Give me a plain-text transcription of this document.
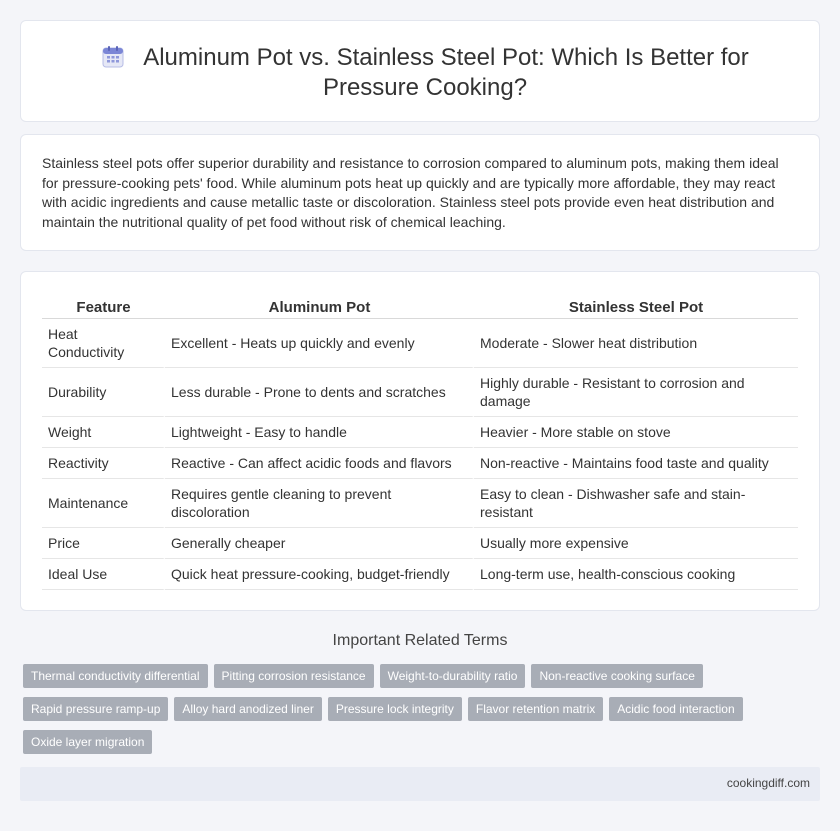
Aluminum Pot vs. Stainless Steel Pot: Which Is Better for Pressure Cooking?

Stainless steel pots offer superior durability and resistance to corrosion compared to aluminum pots, making them ideal for pressure-cooking pets' food. While aluminum pots heat up quickly and are typically more affordable, they may react with acidic ingredients and cause metallic taste or discoloration. Stainless steel pots provide even heat distribution and maintain the nutritional quality of pet food without risk of chemical leaching.

Feature	Aluminum Pot	Stainless Steel Pot
Heat Conductivity	Excellent - Heats up quickly and evenly	Moderate - Slower heat distribution
Durability	Less durable - Prone to dents and scratches	Highly durable - Resistant to corrosion and damage
Weight	Lightweight - Easy to handle	Heavier - More stable on stove
Reactivity	Reactive - Can affect acidic foods and flavors	Non-reactive - Maintains food taste and quality
Maintenance	Requires gentle cleaning to prevent discoloration	Easy to clean - Dishwasher safe and stain-resistant
Price	Generally cheaper	Usually more expensive
Ideal Use	Quick heat pressure-cooking, budget-friendly	Long-term use, health-conscious cooking
Important Related Terms
Thermal conductivity differential	Pitting corrosion resistance	Weight-to-durability ratio	Non-reactive cooking surface
Rapid pressure ramp-up	Alloy hard anodized liner	Pressure lock integrity	Flavor retention matrix	Acidic food interaction
Oxide layer migration
cookingdiff.com
